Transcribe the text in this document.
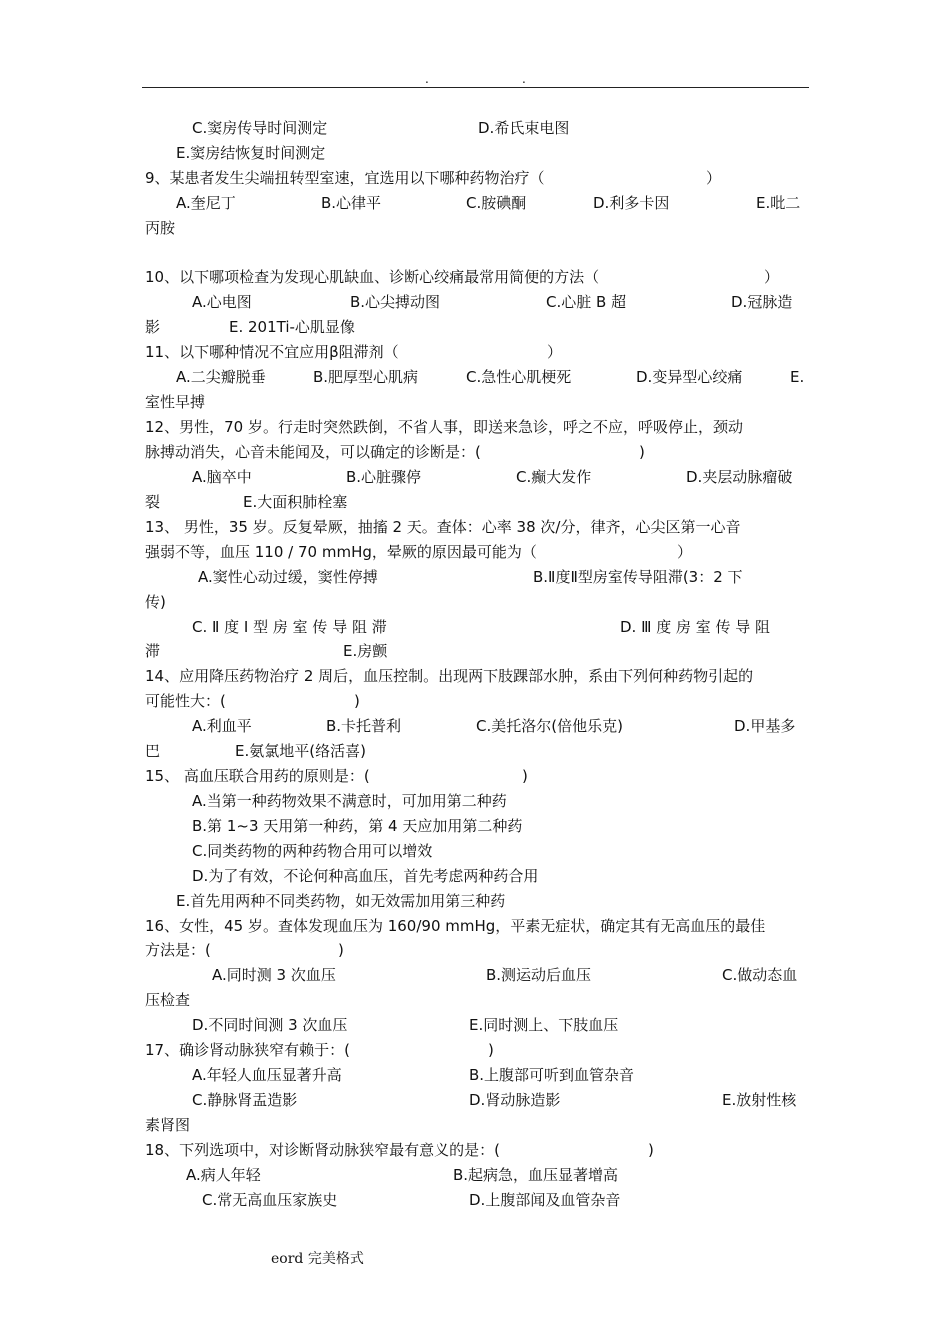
.	.
C.窦房传导时间测定	D.希氏束电图
E.窦房结恢复时间测定
9、某患者发生尖端扭转型室速，宜选用以下哪种药物治疗（	）
A.奎尼丁	B.心律平	C.胺碘酮	D.利多卡因	E.吡二
丙胺
10、以下哪项检查为发现心肌缺血、诊断心绞痛最常用简便的方法（	）
A.心电图	B.心尖搏动图	C.心脏 B 超	D.冠脉造
影	E. 201Ti-心肌显像
11、以下哪种情况不宜应用β阻滞剂（	）
A.二尖瓣脱垂	B.肥厚型心肌病	C.急性心肌梗死	D.变异型心绞痛	E.
室性早搏
12、男性，70 岁。行走时突然跌倒，不省人事，即送来急诊，呼之不应，呼吸停止，颈动
脉搏动消失，心音未能闻及，可以确定的诊断是：(	)
A.脑卒中	B.心脏骤停	C.癫大发作	D.夹层动脉瘤破
裂	E.大面积肺栓塞
13、 男性，35 岁。反复晕厥，抽搐 2 天。查体：心率 38 次/分，律齐，心尖区第一心音
强弱不等，血压 110 / 70 mmHg，晕厥的原因最可能为（	）
A.窦性心动过缓，窦性停搏	B.Ⅱ度Ⅱ型房室传导阻滞(3：2 下
传)
C. Ⅱ 度 Ⅰ 型 房 室 传 导 阻 滞	D. Ⅲ 度 房 室 传 导 阻
滞	E.房颤
14、应用降压药物治疗 2 周后，血压控制。出现两下肢踝部水肿，系由下列何种药物引起的
可能性大：(	)
A.利血平	B.卡托普利	C.美托洛尔(倍他乐克)	D.甲基多
巴	E.氨氯地平(络活喜)
15、 高血压联合用药的原则是：(	)
A.当第一种药物效果不满意时，可加用第二种药
B.第 1~3 天用第一种药，第 4 天应加用第二种药
C.同类药物的两种药物合用可以增效
D.为了有效，不论何种高血压，首先考虑两种药合用
E.首先用两种不同类药物，如无效需加用第三种药
16、女性，45 岁。查体发现血压为 160/90 mmHg，平素无症状，确定其有无高血压的最佳
方法是：(	)
A.同时测 3 次血压	B.测运动后血压	C.做动态血
压检查
D.不同时间测 3 次血压	E.同时测上、下肢血压
17、确诊肾动脉狭窄有赖于：(	)
A.年轻人血压显著升高	B.上腹部可听到血管杂音
C.静脉肾盂造影	D.肾动脉造影	E.放射性核
素肾图
18、下列选项中，对诊断肾动脉狭窄最有意义的是：(	)
A.病人年轻	B.起病急，血压显著增高
C.常无高血压家族史	D.上腹部闻及血管杂音
eord 完美格式
